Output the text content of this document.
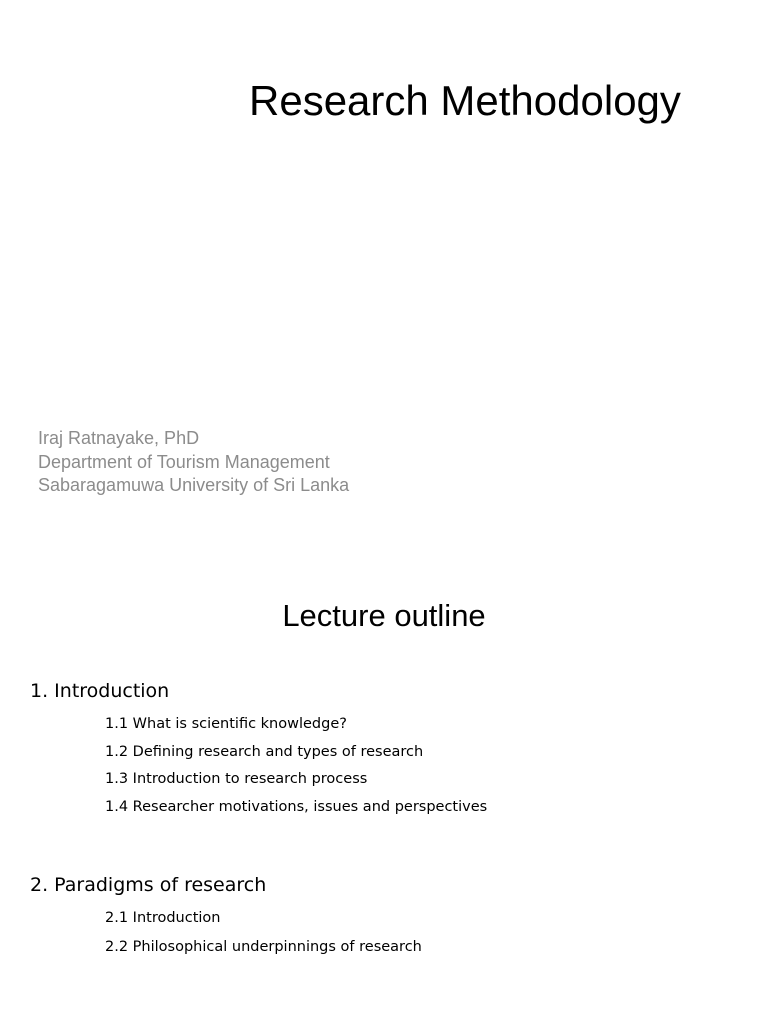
Research Methodology
Iraj Ratnayake, PhD
Department of Tourism Management
Sabaragamuwa University of Sri Lanka
Lecture outline
1. Introduction
1.1 What is scientific knowledge?
1.2 Defining research and types of research
1.3 Introduction to research process
1.4 Researcher motivations, issues and perspectives
2. Paradigms of research
2.1 Introduction
2.2 Philosophical underpinnings of research
